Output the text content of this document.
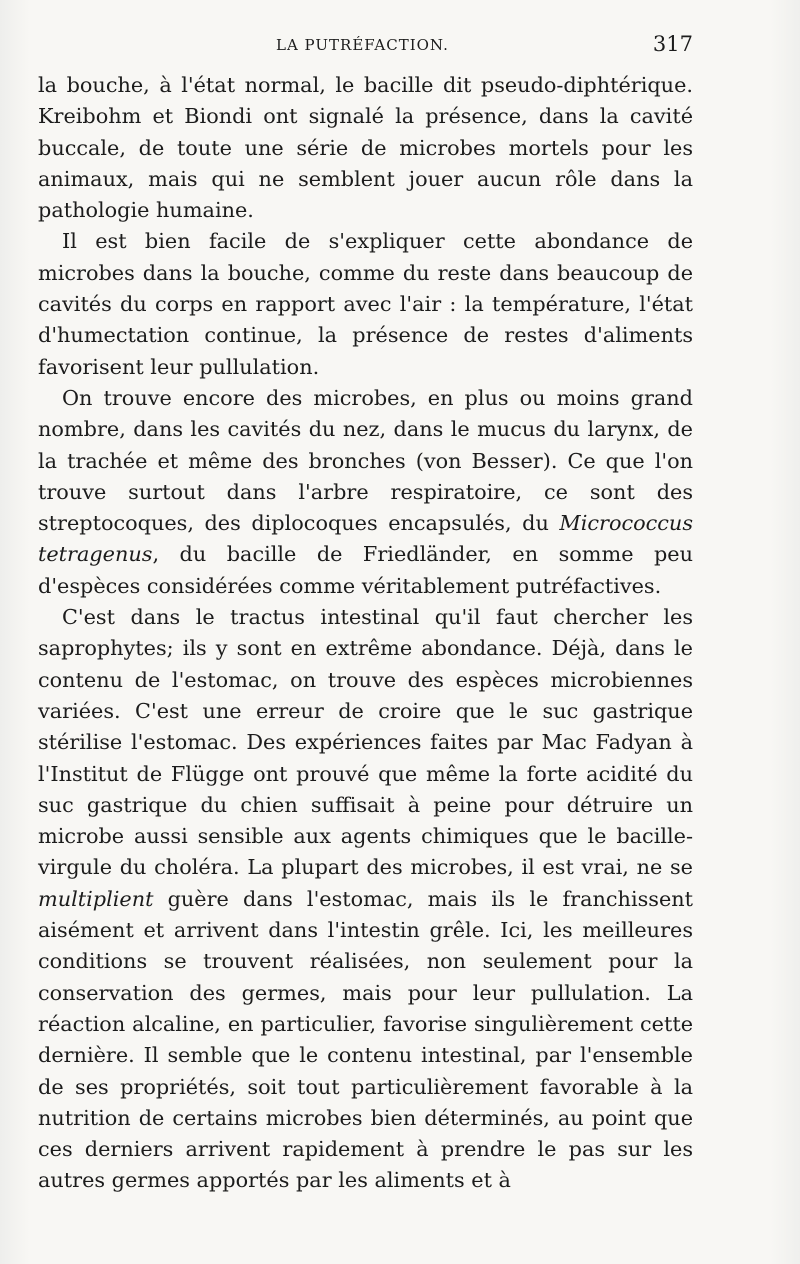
LA PUTRÉFACTION.	317

la bouche, à l'état normal, le bacille dit pseudo-diphtérique. Kreibohm et Biondi ont signalé la présence, dans la cavité buccale, de toute une série de microbes mortels pour les animaux, mais qui ne semblent jouer aucun rôle dans la pathologie humaine.

Il est bien facile de s'expliquer cette abondance de microbes dans la bouche, comme du reste dans beaucoup de cavités du corps en rapport avec l'air : la température, l'état d'humectation continue, la présence de restes d'aliments favorisent leur pullulation.

On trouve encore des microbes, en plus ou moins grand nombre, dans les cavités du nez, dans le mucus du larynx, de la trachée et même des bronches (von Besser). Ce que l'on trouve surtout dans l'arbre respiratoire, ce sont des streptocoques, des diplocoques encapsulés, du Micrococcus tetragenus, du bacille de Friedländer, en somme peu d'espèces considérées comme véritablement putréfactives.

C'est dans le tractus intestinal qu'il faut chercher les saprophytes; ils y sont en extrême abondance. Déjà, dans le contenu de l'estomac, on trouve des espèces microbiennes variées. C'est une erreur de croire que le suc gastrique stérilise l'estomac. Des expériences faites par Mac Fadyan à l'Institut de Flügge ont prouvé que même la forte acidité du suc gastrique du chien suffisait à peine pour détruire un microbe aussi sensible aux agents chimiques que le bacille-virgule du choléra. La plupart des microbes, il est vrai, ne se multiplient guère dans l'estomac, mais ils le franchissent aisément et arrivent dans l'intestin grêle. Ici, les meilleures conditions se trouvent réalisées, non seulement pour la conservation des germes, mais pour leur pullulation. La réaction alcaline, en particulier, favorise singulièrement cette dernière. Il semble que le contenu intestinal, par l'ensemble de ses propriétés, soit tout particulièrement favorable à la nutrition de certains microbes bien déterminés, au point que ces derniers arrivent rapidement à prendre le pas sur les autres germes apportés par les aliments et à
